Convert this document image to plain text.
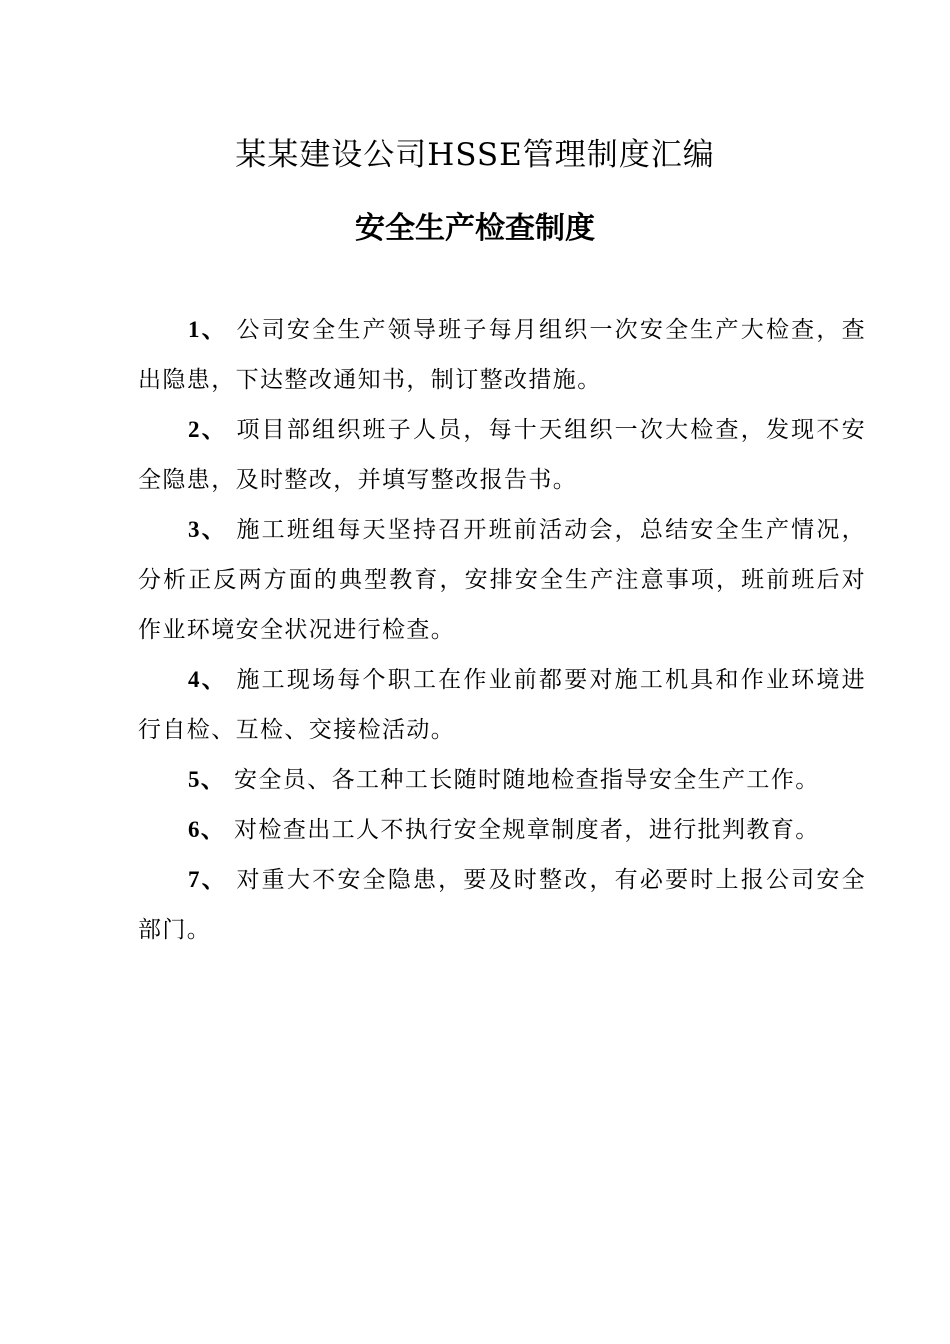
某某建设公司HSSE管理制度汇编
安全生产检查制度

1、 公司安全生产领导班子每月组织一次安全生产大检查，查出隐患，下达整改通知书，制订整改措施。

2、 项目部组织班子人员，每十天组织一次大检查，发现不安全隐患，及时整改，并填写整改报告书。

3、 施工班组每天坚持召开班前活动会，总结安全生产情况，分析正反两方面的典型教育，安排安全生产注意事项，班前班后对作业环境安全状况进行检查。

4、 施工现场每个职工在作业前都要对施工机具和作业环境进行自检、互检、交接检活动。

5、 安全员、各工种工长随时随地检查指导安全生产工作。

6、 对检查出工人不执行安全规章制度者，进行批判教育。

7、 对重大不安全隐患，要及时整改，有必要时上报公司安全部门。
